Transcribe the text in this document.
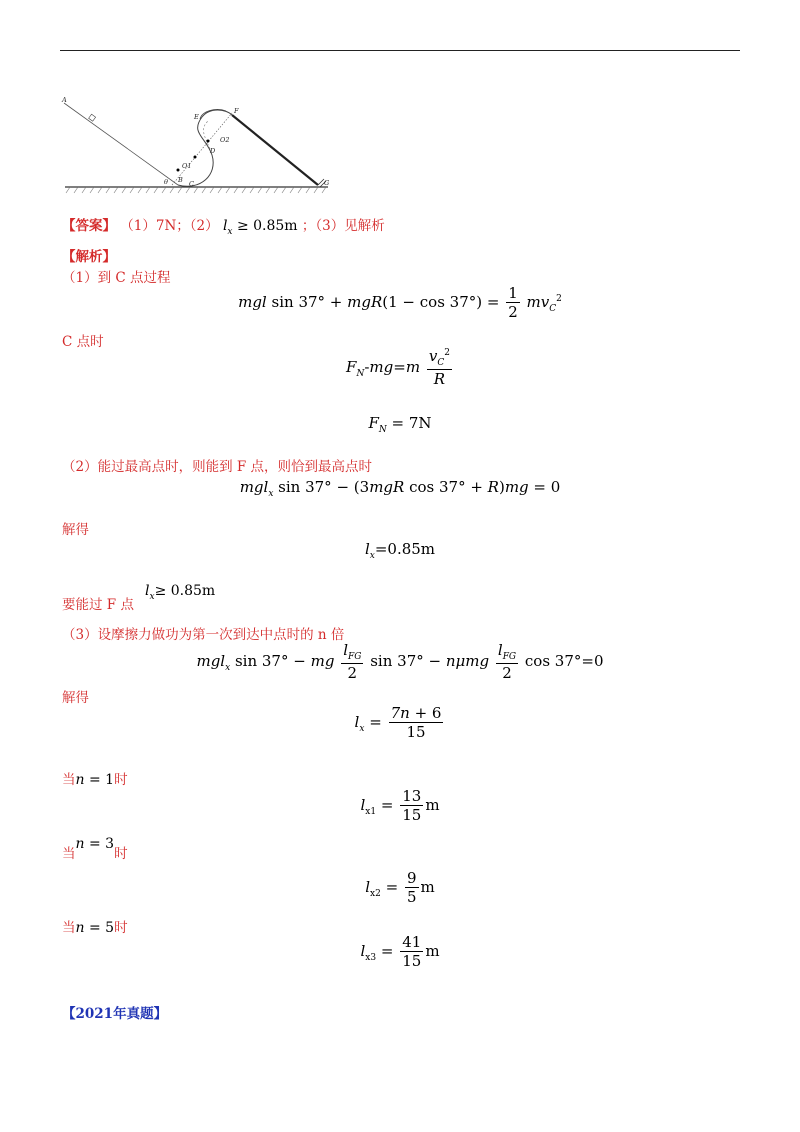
A
E
F
O1
D
O2
B C
θ	G
【答案】 （1）7N；（2） $l_x \ge 0.85m$ ；（3）见解析
【解析】
（1）到 C 点过程
mgl $\sin 37^\circ + mgR(1 - \cos 37^\circ) = \frac{1}{2} mv_C^2$
C 点时
$F_N-mg=m \frac{v_C^2}{R}$
$F_N = 7N$
（2）能过最高点时，则能到 F 点，则恰到最高点时
mgl$_x$ sin 37° − (3mgR cos 37° + R)mg = 0
解得
$l_x=0.85m$
要能过 F 点
$l_x\ge 0.85m$
（3）设摩擦力做功为第一次到达中点时的 n 倍
mgl$_x$ sin 37° − mg $\frac{l_{FG}}{2}$ sin 37° − nμmg $\frac{l_{FG}}{2}$ cos 37°=0
解得
$l_x = \frac{7n + 6}{15}$
当n = 1时
$l_{x1} = \frac{13}{15}$ m
当n = 3时
$l_{x2} = \frac{9}{5}$ m
当n = 5时
$l_{x3} = \frac{41}{15}$ m
【2021年真题】
